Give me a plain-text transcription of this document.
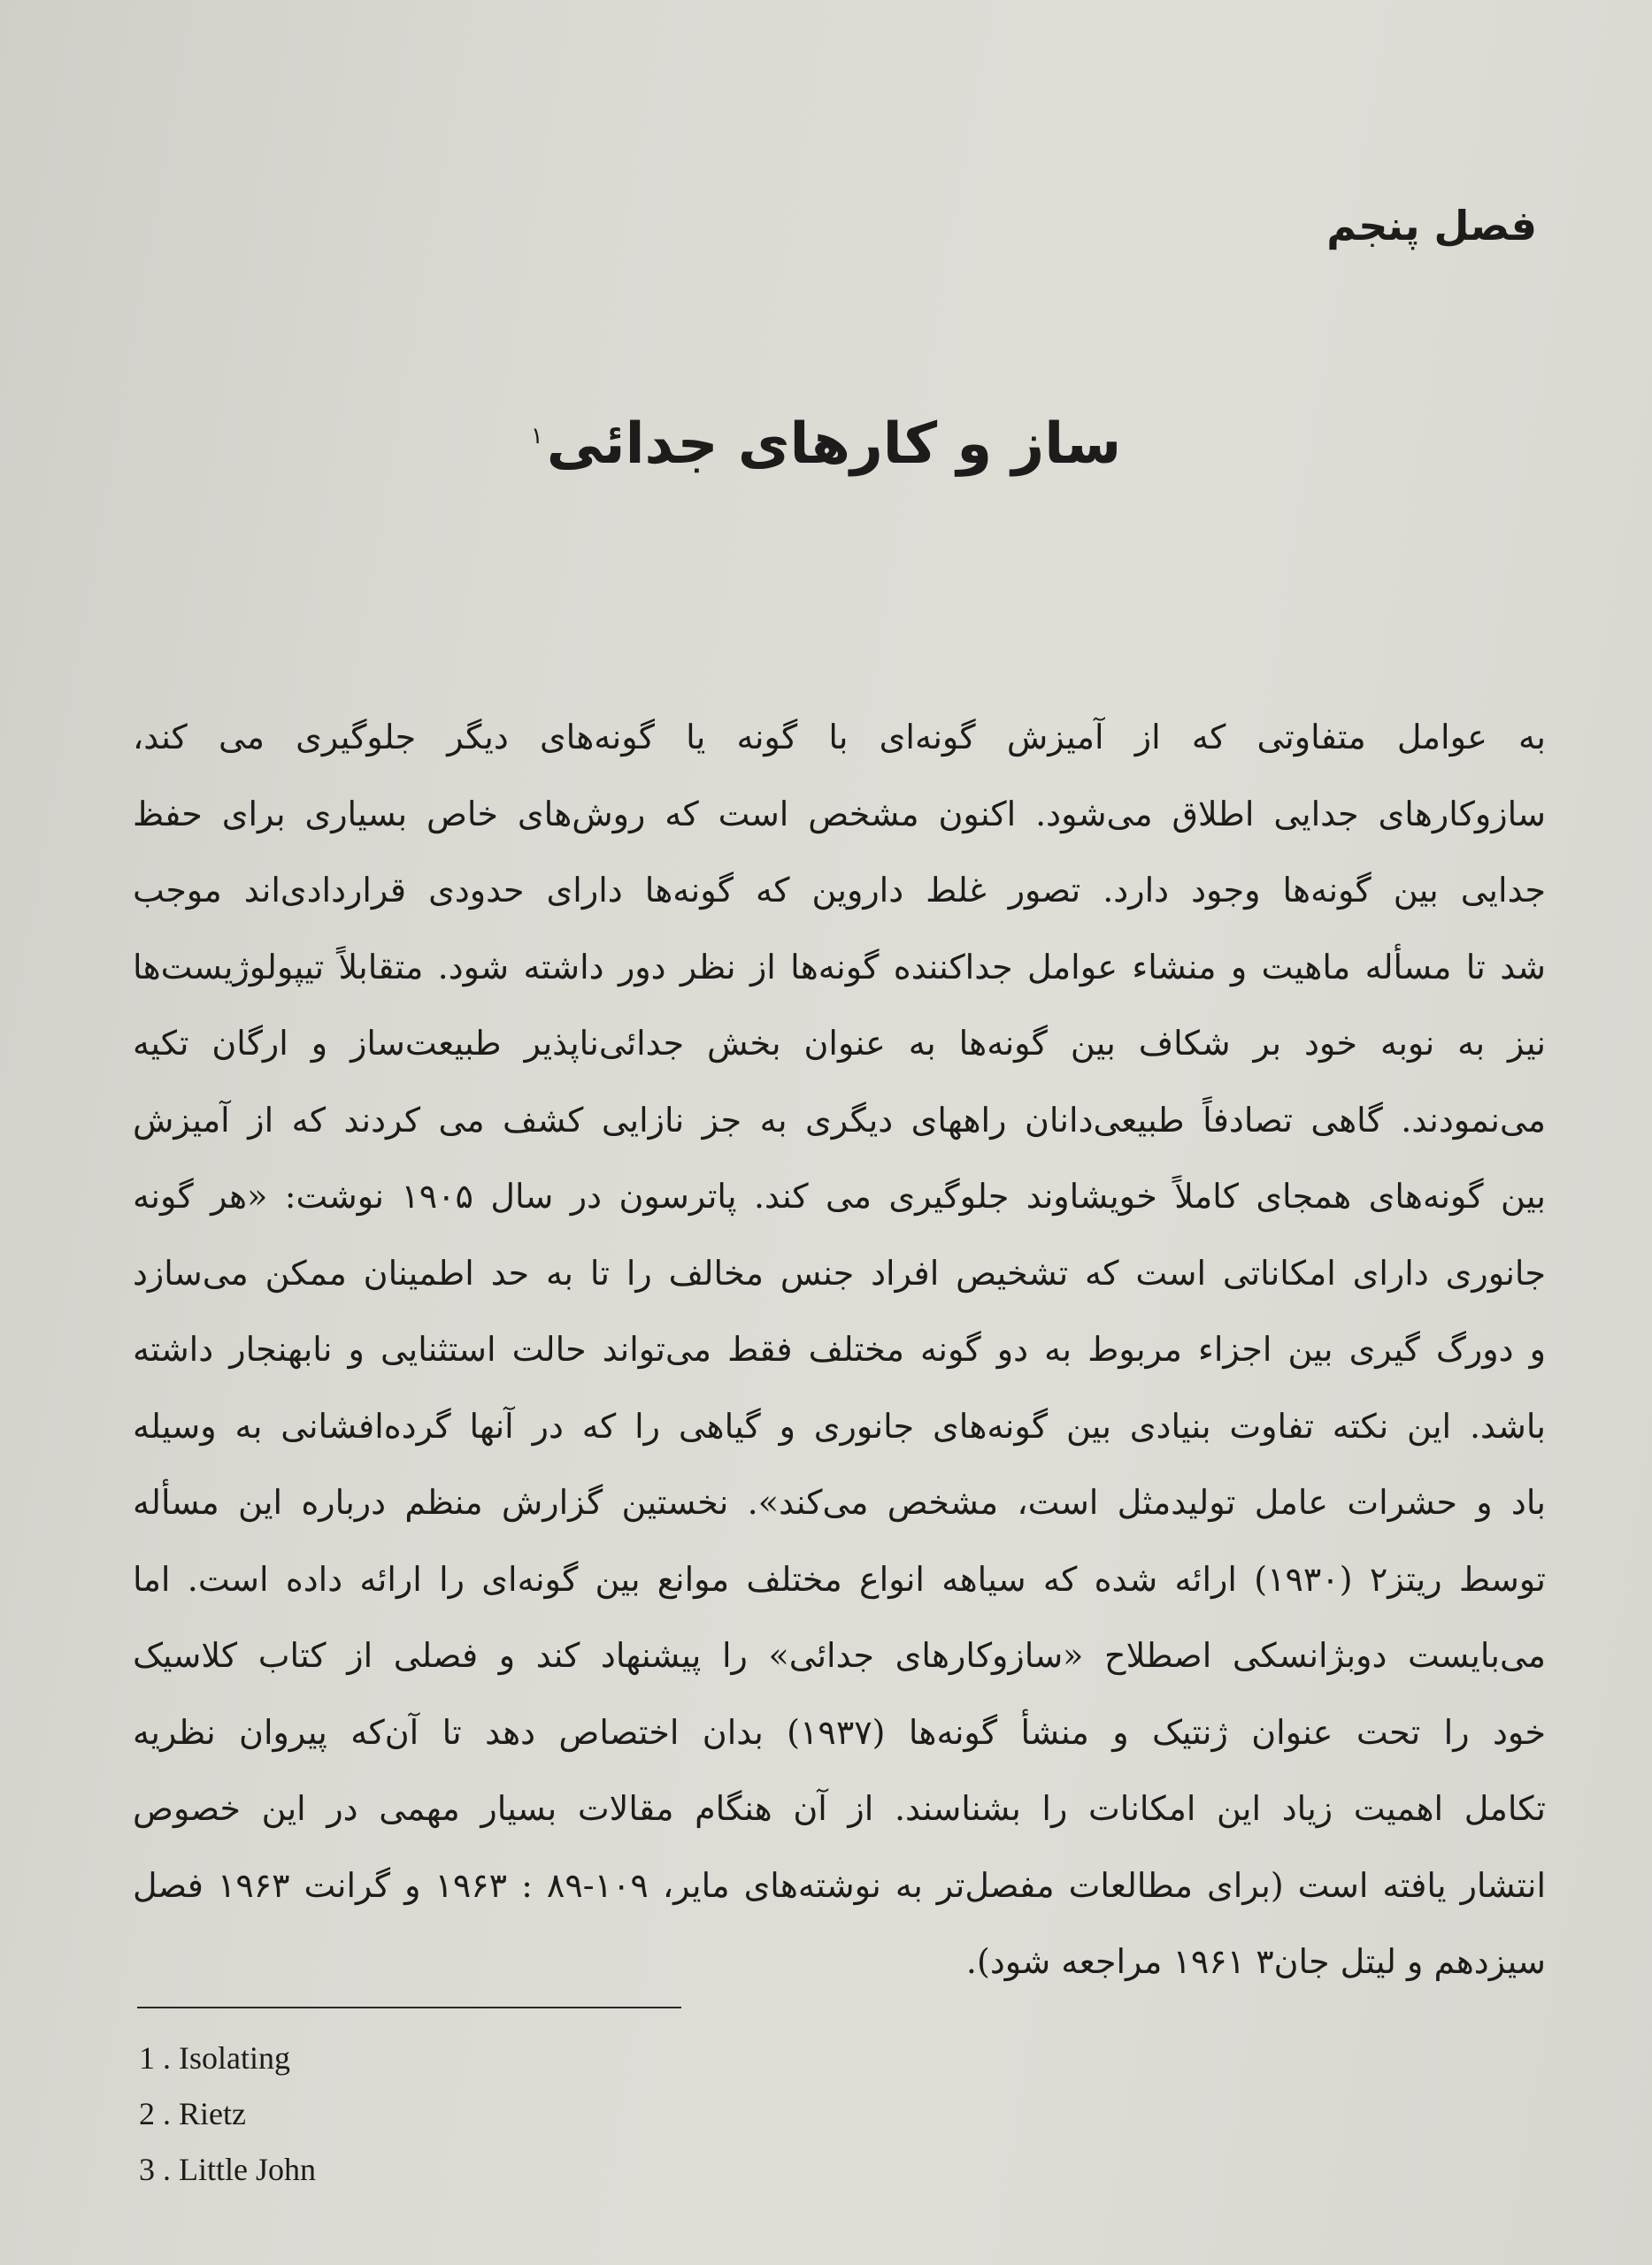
فصل پنجم
ساز و کارهای جدائی$^۱$
به عوامل متفاوتی که از آمیزش گونه‌ای با گونه یا گونه‌های دیگر جلوگیری می کند،
سازوکارهای جدایی اطلاق می‌شود. اکنون مشخص است که روش‌های خاص بسیاری برای حفظ
جدایی بین گونه‌ها وجود دارد. تصور غلط داروین که گونه‌ها دارای حدودی قراردادی‌اند موجب
شد تا مسأله ماهیت و منشاء عوامل جداکننده گونه‌ها از نظر دور داشته شود. متقابلاً تیپولوژیست‌ها
نیز به نوبه خود بر شکاف بین گونه‌ها به عنوان بخش جدائی‌ناپذیر طبیعت‌ساز و ارگان تکیه
می‌نمودند. گاهی تصادفاً طبیعی‌دانان راههای دیگری به جز نازایی کشف می کردند که از آمیزش
بین گونه‌های همجای کاملاً خویشاوند جلوگیری می کند. پاترسون در سال ۱۹۰۵ نوشت: «هر گونه
جانوری دارای امکاناتی است که تشخیص افراد جنس مخالف را تا به حد اطمینان ممکن می‌سازد
و دورگ گیری بین اجزاء مربوط به دو گونه مختلف فقط می‌تواند حالت استثنایی و نابهنجار داشته
باشد. این نکته تفاوت بنیادی بین گونه‌های جانوری و گیاهی را که در آنها گرده‌افشانی به وسیله
باد و حشرات عامل تولیدمثل است، مشخص می‌کند». نخستین گزارش منظم درباره این مسأله
توسط ریتز۲ (۱۹۳۰) ارائه شده که سیاهه انواع مختلف موانع بین گونه‌ای را ارائه داده است. اما
می‌بایست دوبژانسکی اصطلاح «سازوکارهای جدائی» را پیشنهاد کند و فصلی از کتاب کلاسیک
خود را تحت عنوان ژنتیک و منشأ گونه‌ها (۱۹۳۷) بدان اختصاص دهد تا آن‌که پیروان نظریه
تکامل اهمیت زیاد این امکانات را بشناسند. از آن هنگام مقالات بسیار مهمی در این خصوص
انتشار یافته است (برای مطالعات مفصل‌تر به نوشته‌های مایر، ۱۰۹-۸۹ : ۱۹۶۳ و گرانت ۱۹۶۳ فصل
سیزدهم و لیتل جان۳ ۱۹۶۱ مراجعه شود).
1 . Isolating
2 . Rietz
3 . Little John
